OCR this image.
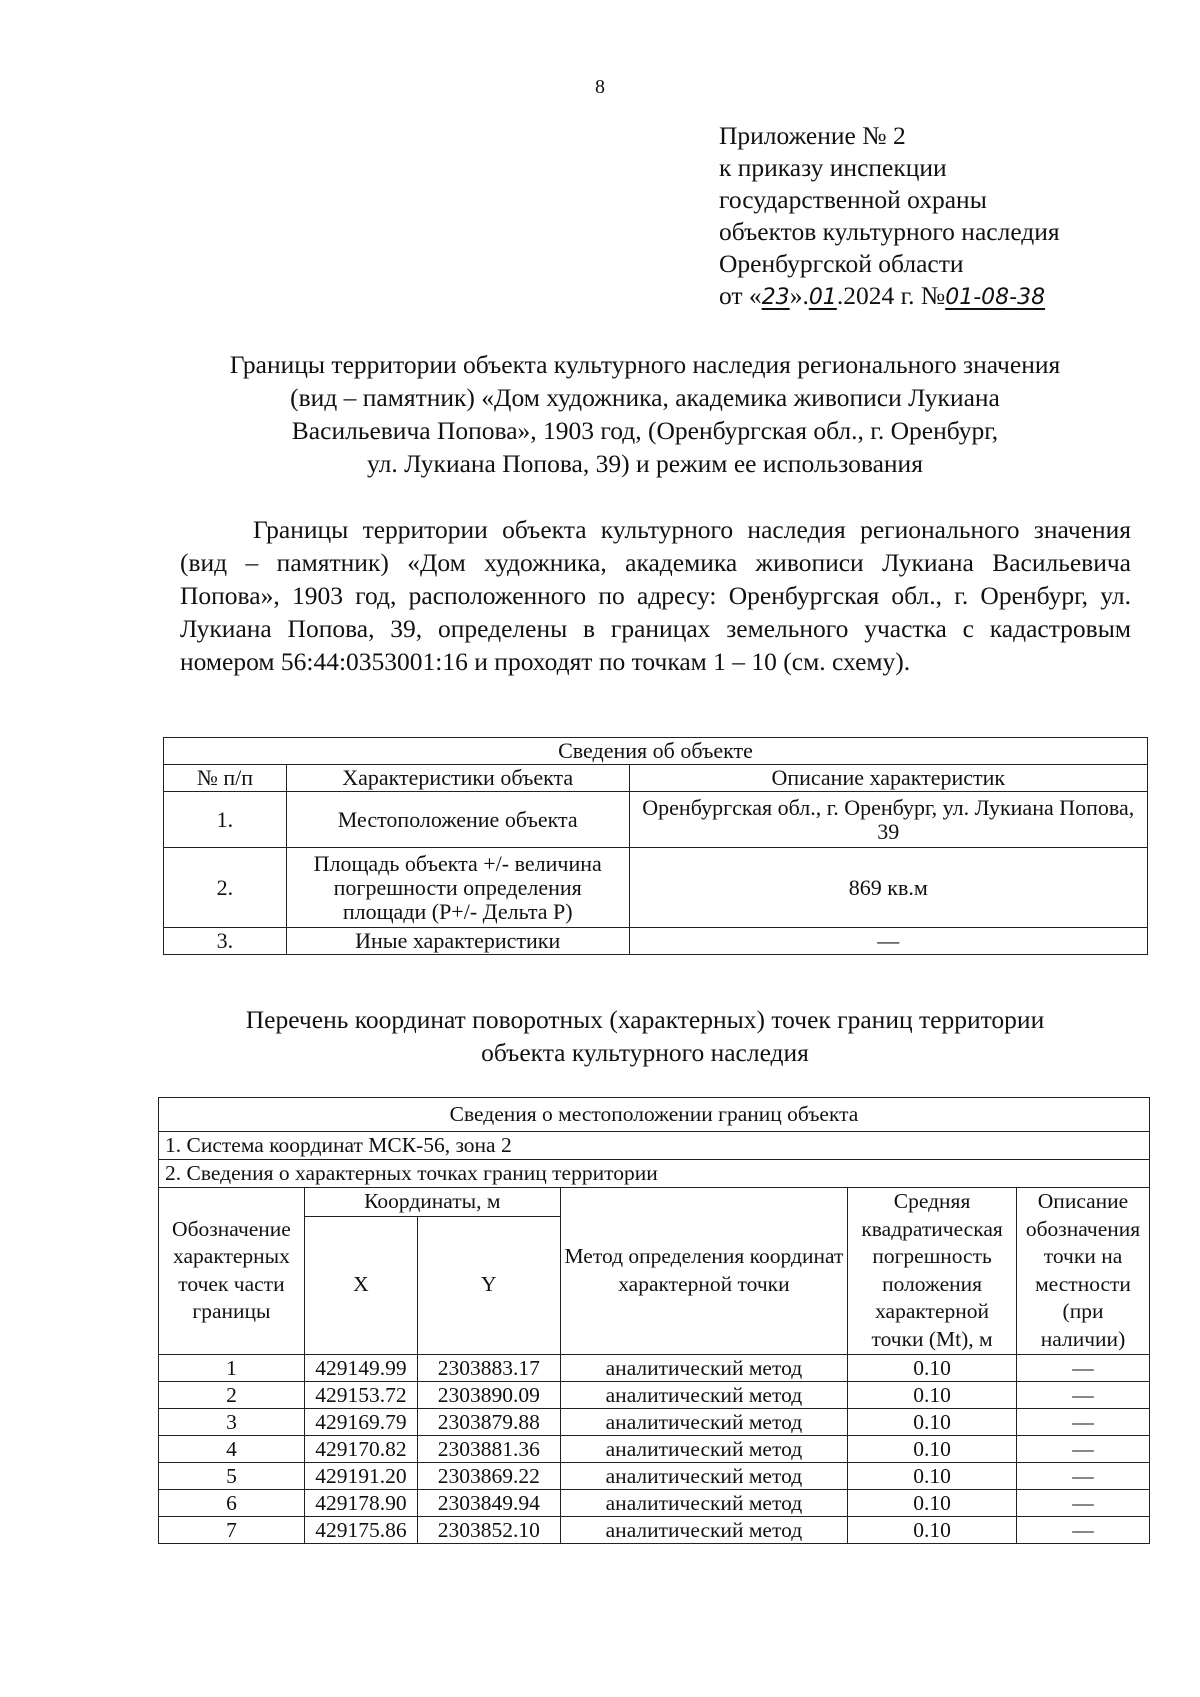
8
Приложение № 2
к приказу инспекции
государственной охраны
объектов культурного наследия
Оренбургской области
от «23».01.2024 г. №01-08-38
Границы территории объекта культурного наследия регионального значения
(вид – памятник) «Дом художника, академика живописи Лукиана
Васильевича Попова», 1903 год, (Оренбургская обл., г. Оренбург,
ул. Лукиана Попова, 39) и режим ее использования
Границы территории объекта культурного наследия регионального значения (вид – памятник) «Дом художника, академика живописи Лукиана Васильевича Попова», 1903 год, расположенного по адресу: Оренбургская обл., г. Оренбург, ул. Лукиана Попова, 39, определены в границах земельного участка с кадастровым номером 56:44:0353001:16 и проходят по точкам 1 – 10 (см. схему).
Сведения об объекте		
№ п/п	Характеристики объекта	Описание характеристик
1.	Местоположение объекта	Оренбургская обл., г. Оренбург, ул. Лукиана Попова, 39
2.	Площадь объекта +/- величина погрешности определения площади (P+/- Дельта P)	869 кв.м
3.	Иные характеристики	—
Перечень координат поворотных (характерных) точек границ территории
объекта культурного наследия
Сведения о местоположении границ объекта					
1. Система координат МСК-56, зона 2					
2. Сведения о характерных точках границ территории					
Обозначение характерных точек части границы	Координаты, м		Метод определения координат характерной точки	Средняя квадратическая погрешность положения характерной точки (Mt), м	Описание обозначения точки на местности (при наличии)
	X	Y			
1	429149.99	2303883.17	аналитический метод	0.10	—
2	429153.72	2303890.09	аналитический метод	0.10	—
3	429169.79	2303879.88	аналитический метод	0.10	—
4	429170.82	2303881.36	аналитический метод	0.10	—
5	429191.20	2303869.22	аналитический метод	0.10	—
6	429178.90	2303849.94	аналитический метод	0.10	—
7	429175.86	2303852.10	аналитический метод	0.10	—
